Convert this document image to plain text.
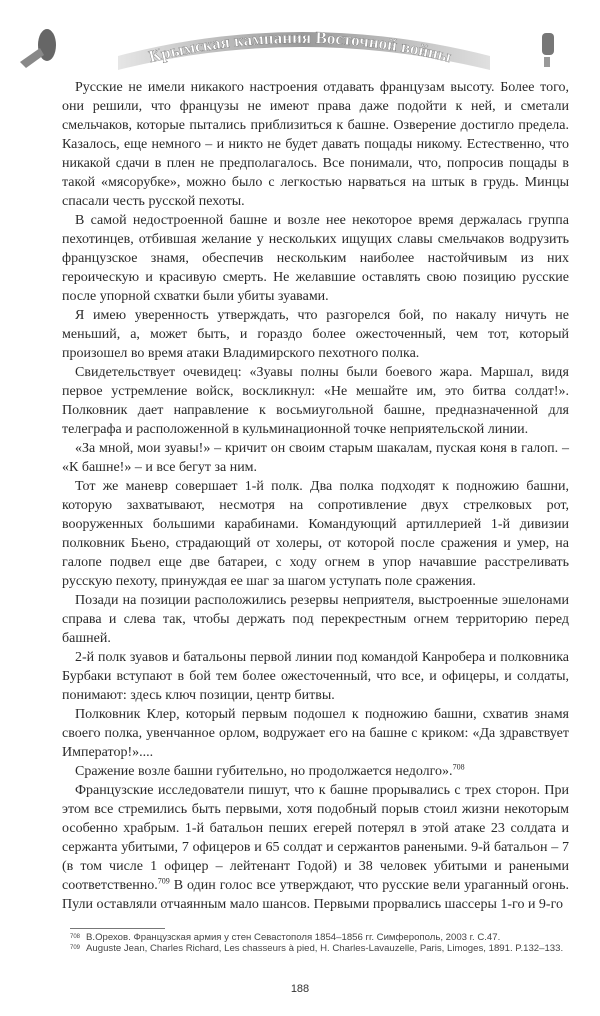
Крымская кампания Восточной войны

Русские не имели никакого настроения отдавать французам высоту. Более того, они решили, что французы не имеют права даже подойти к ней, и сметали смельчаков, которые пытались приблизиться к башне. Озверение достигло предела. Казалось, еще немного – и никто не будет давать пощады никому. Естественно, что никакой сдачи в плен не предполагалось. Все понимали, что, попросив пощады в такой «мясорубке», можно было с легкостью нарваться на штык в грудь. Минцы спасали честь русской пехоты.

В самой недостроенной башне и возле нее некоторое время держалась группа пехотинцев, отбившая желание у нескольких ищущих славы смельчаков водрузить французское знамя, обеспечив нескольким наиболее настойчивым из них героическую и красивую смерть. Не желавшие оставлять свою позицию русские после упорной схватки были убиты зуавами.

Я имею уверенность утверждать, что разгорелся бой, по накалу ничуть не меньший, а, может быть, и гораздо более ожесточенный, чем тот, который произошел во время атаки Владимирского пехотного полка.

Свидетельствует очевидец: «Зуавы полны были боевого жара. Маршал, видя первое устремление войск, воскликнул: «Не мешайте им, это битва солдат!». Полковник дает направление к восьмиугольной башне, предназначенной для телеграфа и расположенной в кульминационной точке неприятельской линии.

«За мной, мои зуавы!» – кричит он своим старым шакалам, пуская коня в галоп. – «К башне!» – и все бегут за ним.

Тот же маневр совершает 1-й полк. Два полка подходят к подножию башни, которую захватывают, несмотря на сопротивление двух стрелковых рот, вооруженных большими карабинами. Командующий артиллерией 1-й дивизии полковник Бьено, страдающий от холеры, от которой после сражения и умер, на галопе подвел еще две батареи, с ходу огнем в упор начавшие расстреливать русскую пехоту, принуждая ее шаг за шагом уступать поле сражения.

Позади на позиции расположились резервы неприятеля, выстроенные эшелонами справа и слева так, чтобы держать под перекрестным огнем территорию перед башней.

2-й полк зуавов и батальоны первой линии под командой Канробера и полковника Бурбаки вступают в бой тем более ожесточенный, что все, и офицеры, и солдаты, понимают: здесь ключ позиции, центр битвы.

Полковник Клер, который первым подошел к подножию башни, схватив знамя своего полка, увенчанное орлом, водружает его на башне с криком: «Да здравствует Император!»....

Сражение возле башни губительно, но продолжается недолго».$^{708}$

Французские исследователи пишут, что к башне прорывались с трех сторон. При этом все стремились быть первыми, хотя подобный порыв стоил жизни некоторым особенно храбрым. 1-й батальон пеших егерей потерял в этой атаке 23 солдата и сержанта убитыми, 7 офицеров и 65 солдат и сержантов ранеными. 9-й батальон – 7 (в том числе 1 офицер – лейтенант Годой) и 38 человек убитыми и ранеными соответственно.$^{709}$ В один голос все утверждают, что русские вели ураганный огонь. Пули оставляли отчаянным мало шансов. Первыми прорвались шассеры 1-го и 9-го

708 В.Орехов. Французская армия у стен Севастополя 1854–1856 гг. Симферополь, 2003 г. С.47.
709 Auguste Jean, Charles Richard, Les chasseurs à pied, H. Charles-Lavauzelle, Paris, Limoges, 1891. P.132–133.
188
